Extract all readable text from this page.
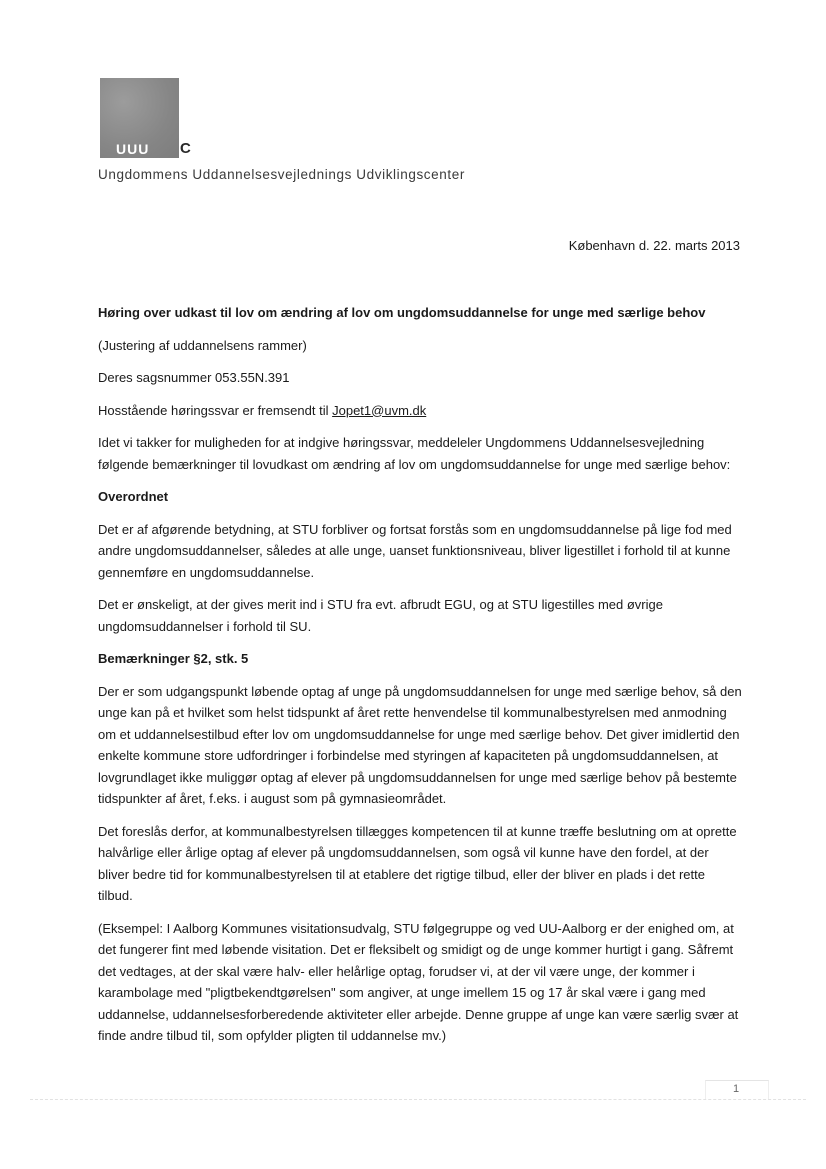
UUU C
Ungdommens Uddannelsesvejlednings Udviklingscenter
København d. 22. marts 2013

Høring over udkast til lov om ændring af lov om ungdomsuddannelse for unge med særlige behov

(Justering af uddannelsens rammer)

Deres sagsnummer 053.55N.391

Hosstående høringssvar er fremsendt til Jopet1@uvm.dk

Idet vi takker for muligheden for at indgive høringssvar, meddeleler Ungdommens Uddannelsesvejledning følgende bemærkninger til lovudkast om ændring af lov om ungdomsuddannelse for unge med særlige behov:

Overordnet

Det er af afgørende betydning, at STU forbliver og fortsat forstås som en ungdomsuddannelse på lige fod med andre ungdomsuddannelser, således at alle unge, uanset funktionsniveau, bliver ligestillet i forhold til at kunne gennemføre en ungdomsuddannelse.

Det er ønskeligt, at der gives merit ind i STU fra evt. afbrudt EGU, og at STU ligestilles med øvrige ungdomsuddannelser i forhold til SU.

Bemærkninger §2, stk. 5

Der er som udgangspunkt løbende optag af unge på ungdomsuddannelsen for unge med særlige behov, så den unge kan på et hvilket som helst tidspunkt af året rette henvendelse til kommunalbestyrelsen med anmodning om et uddannelsestilbud efter lov om ungdomsuddannelse for unge med særlige behov. Det giver imidlertid den enkelte kommune store udfordringer i forbindelse med styringen af kapaciteten på ungdomsuddannelsen, at lovgrundlaget ikke muliggør optag af elever på ungdomsuddannelsen for unge med særlige behov på bestemte tidspunkter af året, f.eks. i august som på gymnasieområdet.

Det foreslås derfor, at kommunalbestyrelsen tillægges kompetencen til at kunne træffe beslutning om at oprette halvårlige eller årlige optag af elever på ungdomsuddannelsen, som også vil kunne have den fordel, at der bliver bedre tid for kommunalbestyrelsen til at etablere det rigtige tilbud, eller der bliver en plads i det rette tilbud.

(Eksempel: I Aalborg Kommunes visitationsudvalg, STU følgegruppe og ved UU-Aalborg er der enighed om, at det fungerer fint med løbende visitation. Det er fleksibelt og smidigt og de unge kommer hurtigt i gang. Såfremt det vedtages, at der skal være halv- eller helårlige optag, forudser vi, at der vil være unge, der kommer i karambolage med "pligtbekendtgørelsen" som angiver, at unge imellem 15 og 17 år skal være i gang med uddannelse, uddannelsesforberedende aktiviteter eller arbejde. Denne gruppe af unge kan være særlig svær at finde andre tilbud til, som opfylder pligten til uddannelse mv.)

1
